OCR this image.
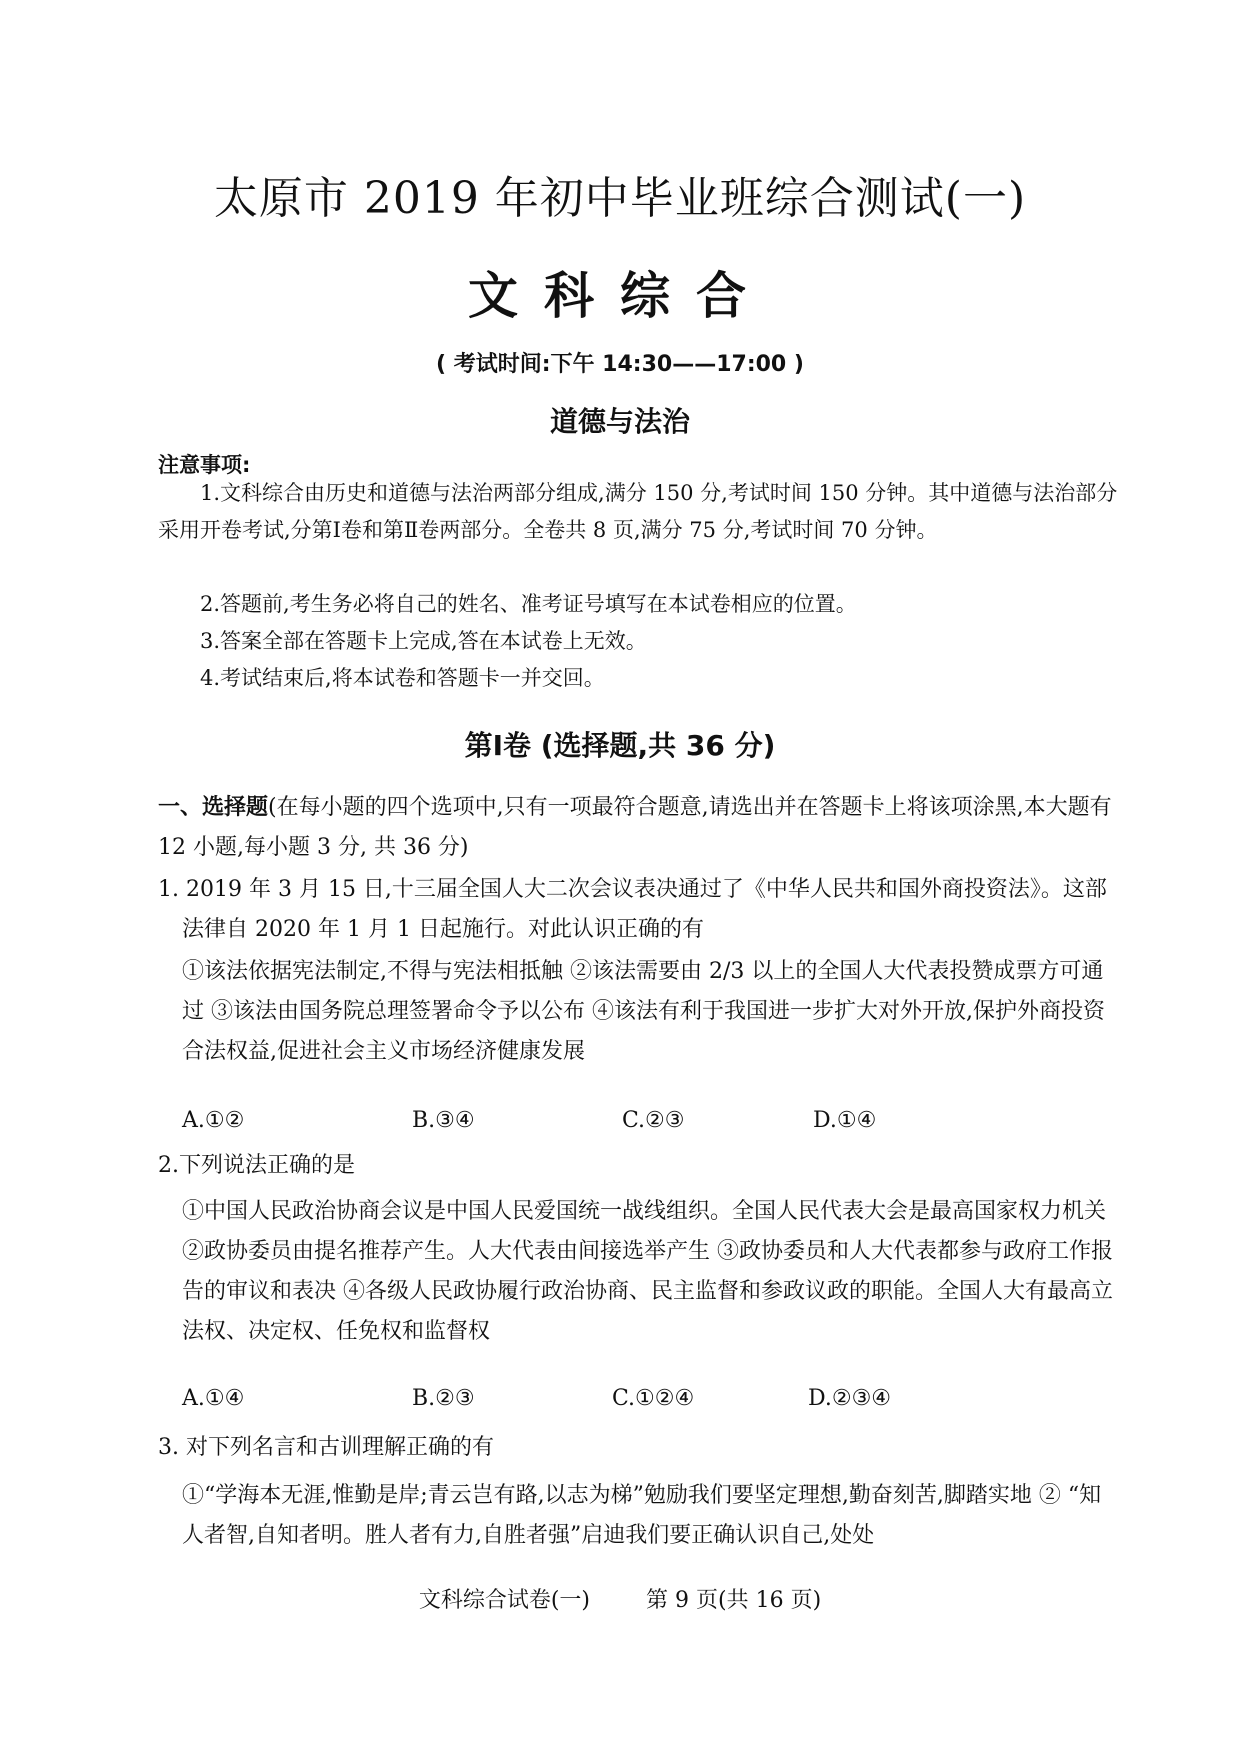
太原市 2019 年初中毕业班综合测试(一)
文科综合
( 考试时间:下午 14:30——17:00 )
道德与法治
注意事项:
1.文科综合由历史和道德与法治两部分组成,满分 150 分,考试时间 150 分钟。其中道德与法治部分采用开卷考试,分第Ⅰ卷和第Ⅱ卷两部分。全卷共 8 页,满分 75 分,考试时间 70 分钟。
2.答题前,考生务必将自己的姓名、准考证号填写在本试卷相应的位置。
3.答案全部在答题卡上完成,答在本试卷上无效。
4.考试结束后,将本试卷和答题卡一并交回。
第Ⅰ卷 (选择题,共 36 分)
一、选择题(在每小题的四个选项中,只有一项最符合题意,请选出并在答题卡上将该项涂黑,本大题有 12 小题,每小题 3 分, 共 36 分)
1. 2019 年 3 月 15 日,十三届全国人大二次会议表决通过了《中华人民共和国外商投资法》。这部法律自 2020 年 1 月 1 日起施行。对此认识正确的有
①该法依据宪法制定,不得与宪法相抵触 ②该法需要由 2/3 以上的全国人大代表投赞成票方可通过 ③该法由国务院总理签署命令予以公布 ④该法有利于我国进一步扩大对外开放,保护外商投资合法权益,促进社会主义市场经济健康发展
A.①②	B.③④	C.②③	D.①④
2.下列说法正确的是
①中国人民政治协商会议是中国人民爱国统一战线组织。全国人民代表大会是最高国家权力机关 ②政协委员由提名推荐产生。人大代表由间接选举产生 ③政协委员和人大代表都参与政府工作报告的审议和表决 ④各级人民政协履行政治协商、民主监督和参政议政的职能。全国人大有最高立法权、决定权、任免权和监督权
A.①④	B.②③	C.①②④	D.②③④
3. 对下列名言和古训理解正确的有
①“学海本无涯,惟勤是岸;青云岂有路,以志为梯”勉励我们要坚定理想,勤奋刻苦,脚踏实地 ② “知人者智,自知者明。胜人者有力,自胜者强”启迪我们要正确认识自己,处处
文科综合试卷(一)	第 9 页(共 16 页)
